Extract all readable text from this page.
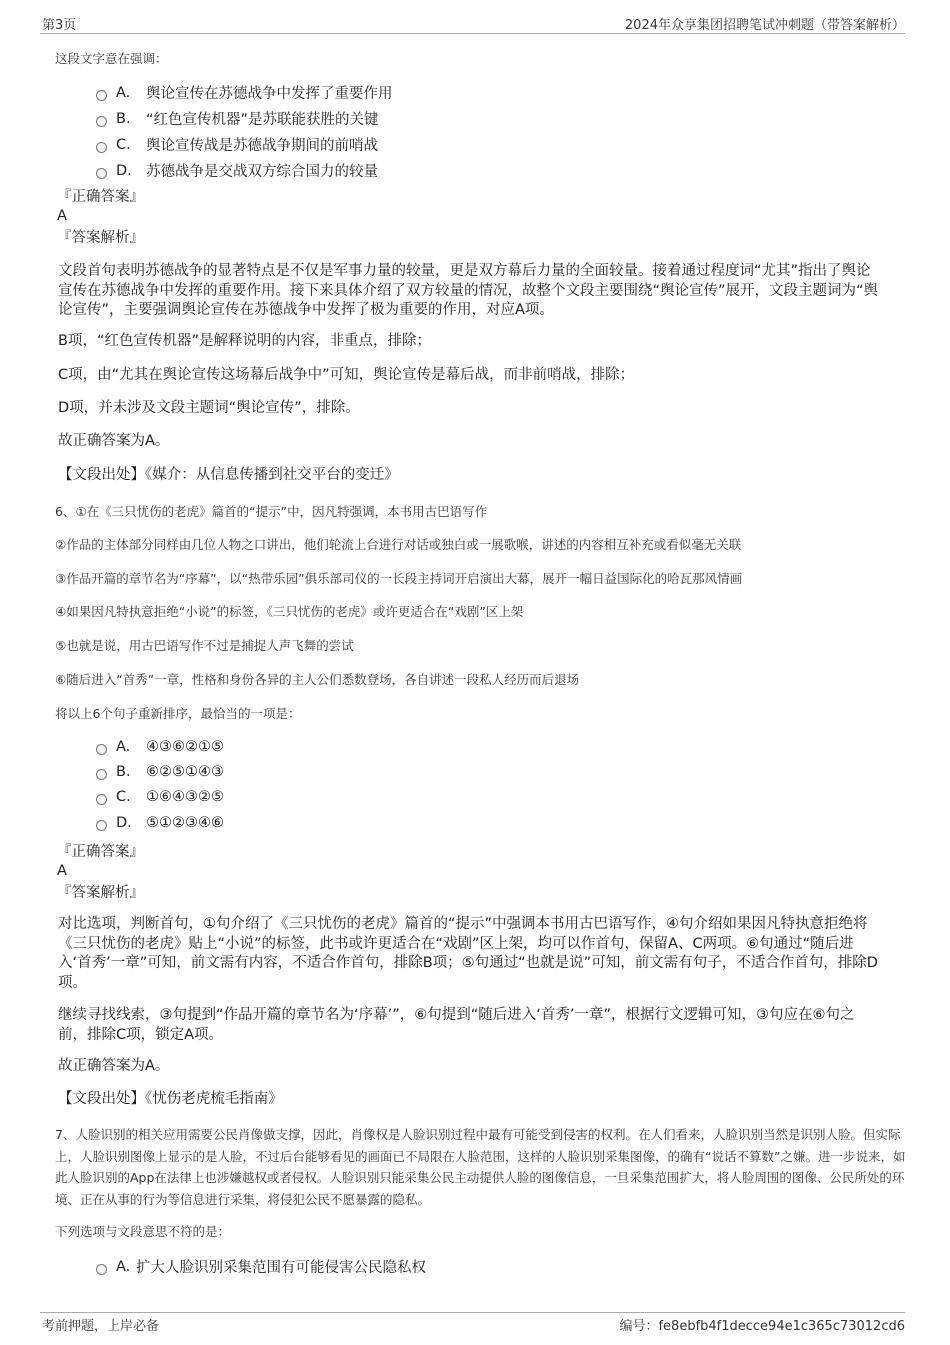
第3页	2024年众享集团招聘笔试冲刺题（带答案解析）
这段文字意在强调：
A.	舆论宣传在苏德战争中发挥了重要作用
B.	“红色宣传机器”是苏联能获胜的关键
C.	舆论宣传战是苏德战争期间的前哨战
D. 苏德战争是交战双方综合国力的较量
『正确答案』
A
『答案解析』
文段首句表明苏德战争的显著特点是不仅是军事力量的较量，更是双方幕后力量的全面较量。接着通过程度词“尤其”指出了舆论宣传在苏德战争中发挥的重要作用。接下来具体介绍了双方较量的情况，故整个文段主要围绕“舆论宣传”展开，文段主题词为“舆论宣传”，主要强调舆论宣传在苏德战争中发挥了极为重要的作用，对应A项。
B项，“红色宣传机器”是解释说明的内容，非重点，排除；
C项，由“尤其在舆论宣传这场幕后战争中”可知，舆论宣传是幕后战，而非前哨战，排除；
D项，并未涉及文段主题词“舆论宣传”，排除。
故正确答案为A。
【文段出处】《媒介：从信息传播到社交平台的变迁》
6、①在《三只忧伤的老虎》篇首的“提示”中，因凡特强调，本书用古巴语写作
②作品的主体部分同样由几位人物之口讲出，他们轮流上台进行对话或独白或一展歌喉，讲述的内容相互补充或看似毫无关联
③作品开篇的章节名为“序幕”，以“热带乐园”俱乐部司仪的一长段主持词开启演出大幕，展开一幅日益国际化的哈瓦那风情画
④如果因凡特执意拒绝“小说”的标签，《三只忧伤的老虎》或许更适合在“戏剧”区上架
⑤也就是说，用古巴语写作不过是捕捉人声飞舞的尝试
⑥随后进入“首秀”一章，性格和身份各异的主人公们悉数登场，各自讲述一段私人经历而后退场
将以上6个句子重新排序，最恰当的一项是：
A.	④③⑥②①⑤
B.	⑥②⑤①④③
C.	①⑥④③②⑤
D. ⑤①②③④⑥
『正确答案』
A
『答案解析』
对比选项，判断首句，①句介绍了《三只忧伤的老虎》篇首的“提示”中强调本书用古巴语写作，④句介绍如果因凡特执意拒绝将《三只忧伤的老虎》贴上“小说”的标签，此书或许更适合在“戏剧”区上架，均可以作首句，保留A、C两项。⑥句通过“随后进入‘首秀’一章”可知，前文需有内容，不适合作首句，排除B项；⑤句通过“也就是说”可知，前文需有句子，不适合作首句，排除D项。
继续寻找线索，③句提到“作品开篇的章节名为‘序幕’”，⑥句提到“随后进入‘首秀’一章”，根据行文逻辑可知，③句应在⑥句之前，排除C项，锁定A项。
故正确答案为A。
【文段出处】《忧伤老虎梳毛指南》
7、人脸识别的相关应用需要公民肖像做支撑，因此，肖像权是人脸识别过程中最有可能受到侵害的权利。在人们看来，人脸识别当然是识别人脸。但实际上，人脸识别图像上显示的是人脸，不过后台能够看见的画面已不局限在人脸范围，这样的人脸识别采集图像，的确有“说话不算数”之嫌。进一步说来，如此人脸识别的App在法律上也涉嫌越权或者侵权。人脸识别只能采集公民主动提供人脸的图像信息，一旦采集范围扩大，将人脸周围的图像、公民所处的环境、正在从事的行为等信息进行采集，将侵犯公民不愿暴露的隐私。
下列选项与文段意思不符的是：
A. 扩大人脸识别采集范围有可能侵害公民隐私权
考前押题，上岸必备	编号：fe8ebfb4f1decce94e1c365c73012cd6
